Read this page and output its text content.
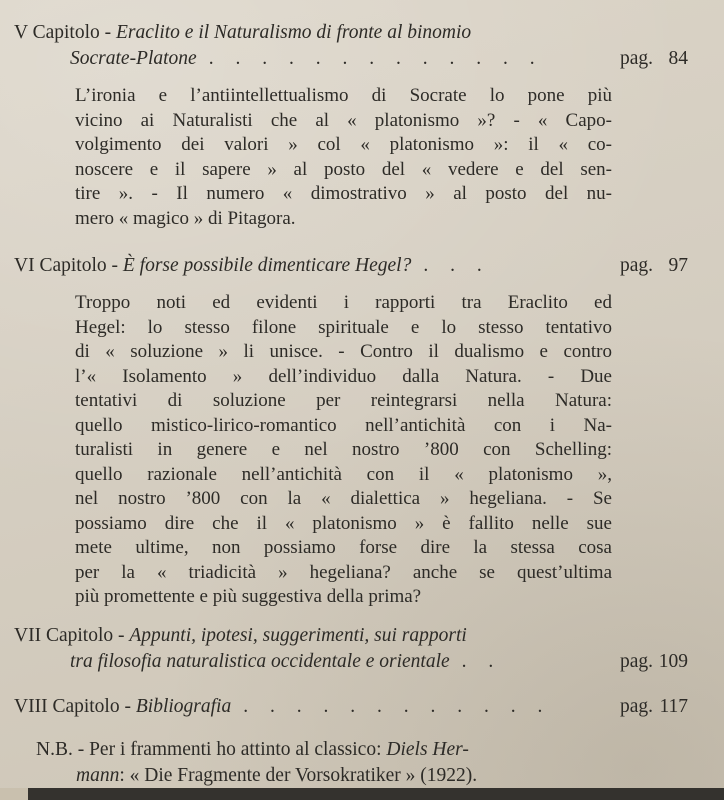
V Capitolo - Eraclito e il Naturalismo di fronte al binomio
Socrate-Platone . . . . . . . . . . . . .	pag. 84
L’ironia e l’antiintellettualismo di Socrate lo pone più
vicino ai Naturalisti che al « platonismo »? - « Capo-
volgimento dei valori » col « platonismo »: il « co-
noscere e il sapere » al posto del « vedere e del sen-
tire ». - Il numero « dimostrativo » al posto del nu-
mero « magico » di Pitagora.
VI Capitolo - È forse possibile dimenticare Hegel? . . .	pag. 97
Troppo noti ed evidenti i rapporti tra Eraclito ed
Hegel: lo stesso filone spirituale e lo stesso tentativo
di « soluzione » li unisce. - Contro il dualismo e contro
l’« Isolamento » dell’individuo dalla Natura. - Due
tentativi di soluzione per reintegrarsi nella Natura:
quello mistico-lirico-romantico nell’antichità con i Na-
turalisti in genere e nel nostro ’800 con Schelling:
quello razionale nell’antichità con il « platonismo »,
nel nostro ’800 con la « dialettica » hegeliana. - Se
possiamo dire che il « platonismo » è fallito nelle sue
mete ultime, non possiamo forse dire la stessa cosa
per la « triadicità » hegeliana? anche se quest’ultima
più promettente e più suggestiva della prima?
VII Capitolo - Appunti, ipotesi, suggerimenti, sui rapporti
tra filosofia naturalistica occidentale e orientale . .	pag. 109
VIII Capitolo - Bibliografia . . . . . . . . . . . .	pag. 117
N.B. - Per i frammenti ho attinto al classico: Diels Her-
mann: « Die Fragmente der Vorsokratiker » (1922).
